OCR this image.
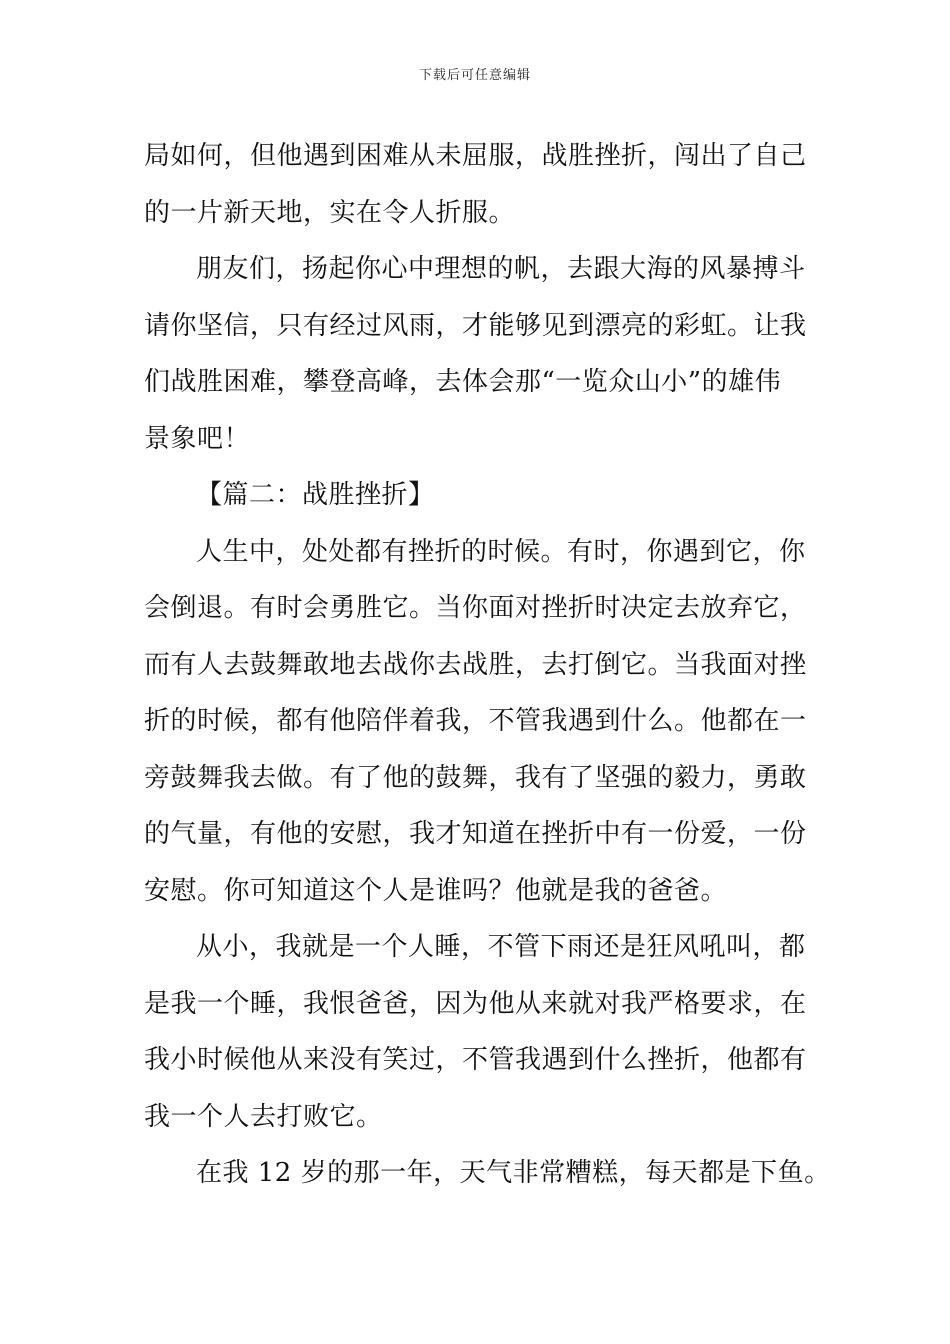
下载后可任意编辑
局如何，但他遇到困难从未屈服，战胜挫折，闯出了自己
的一片新天地，实在令人折服。
朋友们，扬起你心中理想的帆，去跟大海的风暴搏斗
请你坚信，只有经过风雨，才能够见到漂亮的彩虹。让我
们战胜困难，攀登高峰，去体会那“一览众山小”的雄伟
景象吧！
【篇二：战胜挫折】
人生中，处处都有挫折的时候。有时，你遇到它，你
会倒退。有时会勇胜它。当你面对挫折时决定去放弃它，
而有人去鼓舞敢地去战你去战胜，去打倒它。当我面对挫
折的时候，都有他陪伴着我，不管我遇到什么。他都在一
旁鼓舞我去做。有了他的鼓舞，我有了坚强的毅力，勇敢
的气量，有他的安慰，我才知道在挫折中有一份爱，一份
安慰。你可知道这个人是谁吗？他就是我的爸爸。
从小，我就是一个人睡，不管下雨还是狂风吼叫，都
是我一个睡，我恨爸爸，因为他从来就对我严格要求，在
我小时候他从来没有笑过，不管我遇到什么挫折，他都有
我一个人去打败它。
在我 12 岁的那一年，天气非常糟糕，每天都是下鱼。
